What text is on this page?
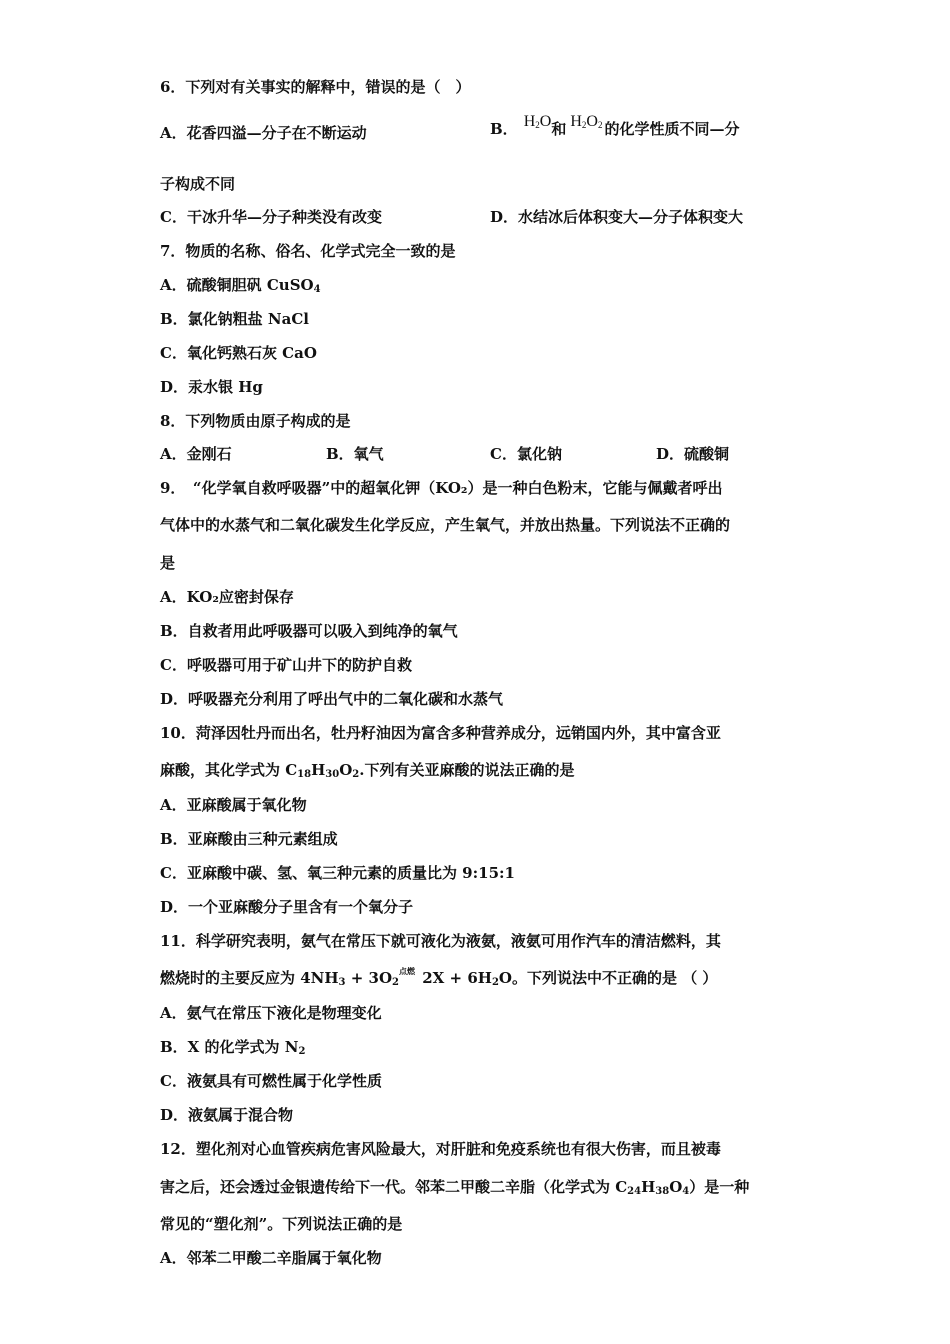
6．下列对有关事实的解释中，错误的是（　）
A．花香四溢—分子在不断运动	B． $H_2O$和 $H_2O_2$ 的化学性质不同—分
子构成不同
C．干冰升华—分子种类没有改变	D．水结冰后体积变大—分子体积变大
7．物质的名称、俗名、化学式完全一致的是
A．硫酸铜胆矾 CuSO$_4$
B．氯化钠粗盐 NaCl
C．氧化钙熟石灰 CaO
D．汞水银 Hg
8．下列物质由原子构成的是
A．金刚石	B．氧气	C．氯化钠	D．硫酸铜
9．　“化学氧自救呼吸器”中的超氧化钾（KO₂）是一种白色粉末，它能与佩戴者呼出
气体中的水蒸气和二氧化碳发生化学反应，产生氧气，并放出热量。下列说法不正确的
是
A．KO₂应密封保存
B．自救者用此呼吸器可以吸入到纯净的氧气
C．呼吸器可用于矿山井下的防护自救
D．呼吸器充分利用了呼出气中的二氧化碳和水蒸气
10．菏泽因牡丹而出名，牡丹籽油因为富含多种营养成分，远销国内外，其中富含亚
麻酸，其化学式为 $C_{18}H_{30}O_2$.下列有关亚麻酸的说法正确的是
A．亚麻酸属于氧化物
B．亚麻酸由三种元素组成
C．亚麻酸中碳、氢、氧三种元素的质量比为 9:15:1
D．一个亚麻酸分子里含有一个氧分子
11．科学研究表明，氨气在常压下就可液化为液氨，液氨可用作汽车的清洁燃料，其
燃烧时的主要反应为 $4NH_3 + 3O_2$点燃 $2X + 6H_2O$。下列说法中不正确的是 （ ）
A．氨气在常压下液化是物理变化
B．X 的化学式为 $N_2$
C．液氨具有可燃性属于化学性质
D．液氨属于混合物
12．塑化剂对心血管疾病危害风险最大，对肝脏和免疫系统也有很大伤害，而且被毒
害之后，还会透过金银遗传给下一代。邻苯二甲酸二辛脂（化学式为 $C_{24}H_{38}O_4$）是一种
常见的“塑化剂”。下列说法正确的是
A．邻苯二甲酸二辛脂属于氧化物
